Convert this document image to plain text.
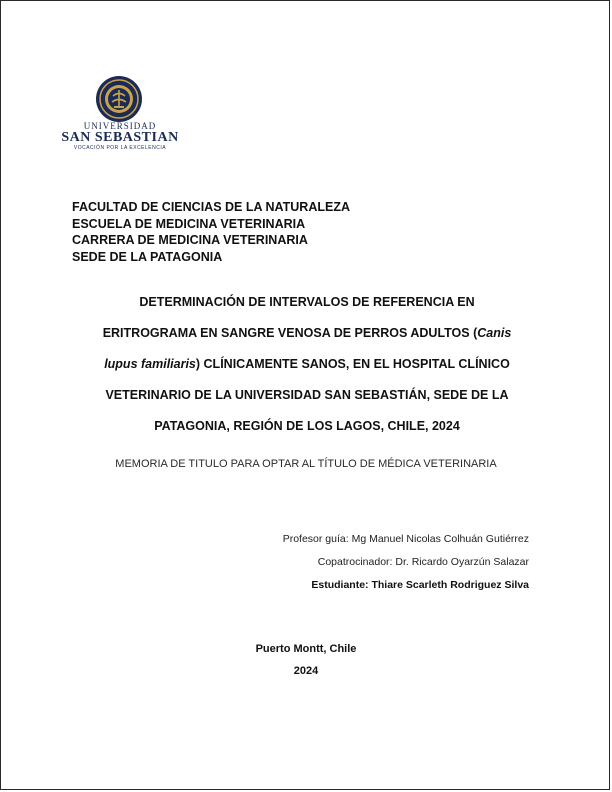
UNIVERSIDAD
SAN SEBASTIAN
VOCACIÓN POR LA EXCELENCIA
FACULTAD DE CIENCIAS DE LA NATURALEZA
ESCUELA DE MEDICINA VETERINARIA
CARRERA DE MEDICINA VETERINARIA
SEDE DE LA PATAGONIA
DETERMINACIÓN DE INTERVALOS DE REFERENCIA EN
ERITROGRAMA EN SANGRE VENOSA DE PERROS ADULTOS (Canis
lupus familiaris) CLÍNICAMENTE SANOS, EN EL HOSPITAL CLÍNICO
VETERINARIO DE LA UNIVERSIDAD SAN SEBASTIÁN, SEDE DE LA
PATAGONIA, REGIÓN DE LOS LAGOS, CHILE, 2024
MEMORIA DE TITULO PARA OPTAR AL TÍTULO DE MÉDICA VETERINARIA
Profesor guía: Mg Manuel Nicolas Colhuán Gutiérrez
Copatrocinador: Dr. Ricardo Oyarzún Salazar
Estudiante: Thiare Scarleth Rodriguez Silva
Puerto Montt, Chile
2024
